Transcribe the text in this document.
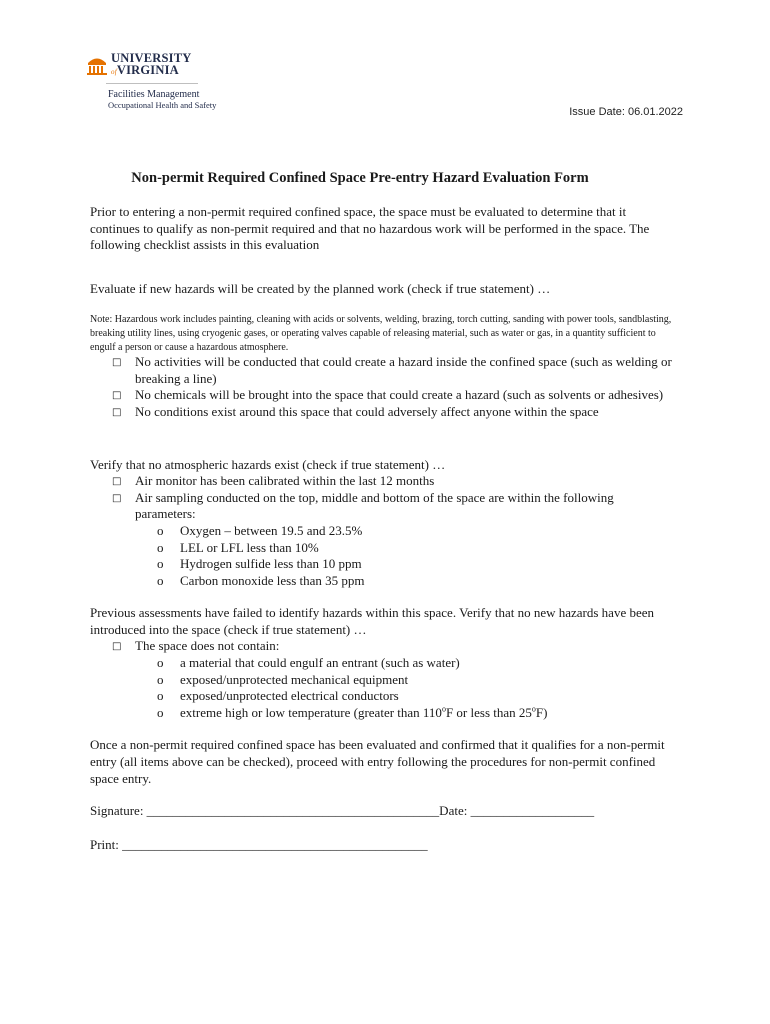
UNIVERSITY
ofVIRGINIA
Facilities Management
Occupational Health and Safety
Issue Date: 06.01.2022
Non-permit Required Confined Space Pre-entry Hazard Evaluation Form

Prior to entering a non-permit required confined space, the space must be evaluated to determine that it continues to qualify as non-permit required and that no hazardous work will be performed in the space. The following checklist assists in this evaluation

Evaluate if new hazards will be created by the planned work (check if true statement) …

Note: Hazardous work includes painting, cleaning with acids or solvents, welding, brazing, torch cutting, sanding with power tools, sandblasting, breaking utility lines, using cryogenic gases, or operating valves capable of releasing material, such as water or gas, in a quantity sufficient to engulf a person or cause a hazardous atmosphere.

□ No activities will be conducted that could create a hazard inside the confined space (such as welding or breaking a line)
□ No chemicals will be brought into the space that could create a hazard (such as solvents or adhesives)
□ No conditions exist around this space that could adversely affect anyone within the space

Verify that no atmospheric hazards exist (check if true statement) …

□ Air monitor has been calibrated within the last 12 months
□ Air sampling conducted on the top, middle and bottom of the space are within the following parameters:
o Oxygen – between 19.5 and 23.5%
o LEL or LFL less than 10%
o Hydrogen sulfide less than 10 ppm
o Carbon monoxide less than 35 ppm

Previous assessments have failed to identify hazards within this space. Verify that no new hazards have been introduced into the space (check if true statement) …

□ The space does not contain:
o a material that could engulf an entrant (such as water)
o exposed/unprotected mechanical equipment
o exposed/unprotected electrical conductors
o extreme high or low temperature (greater than 110$^o$F or less than 25$^o$F)

Once a non-permit required confined space has been evaluated and confirmed that it qualifies for a non-permit entry (all items above can be checked), proceed with entry following the procedures for non-permit confined space entry.

Signature: _____________________________________________Date: ___________________

Print: _______________________________________________
